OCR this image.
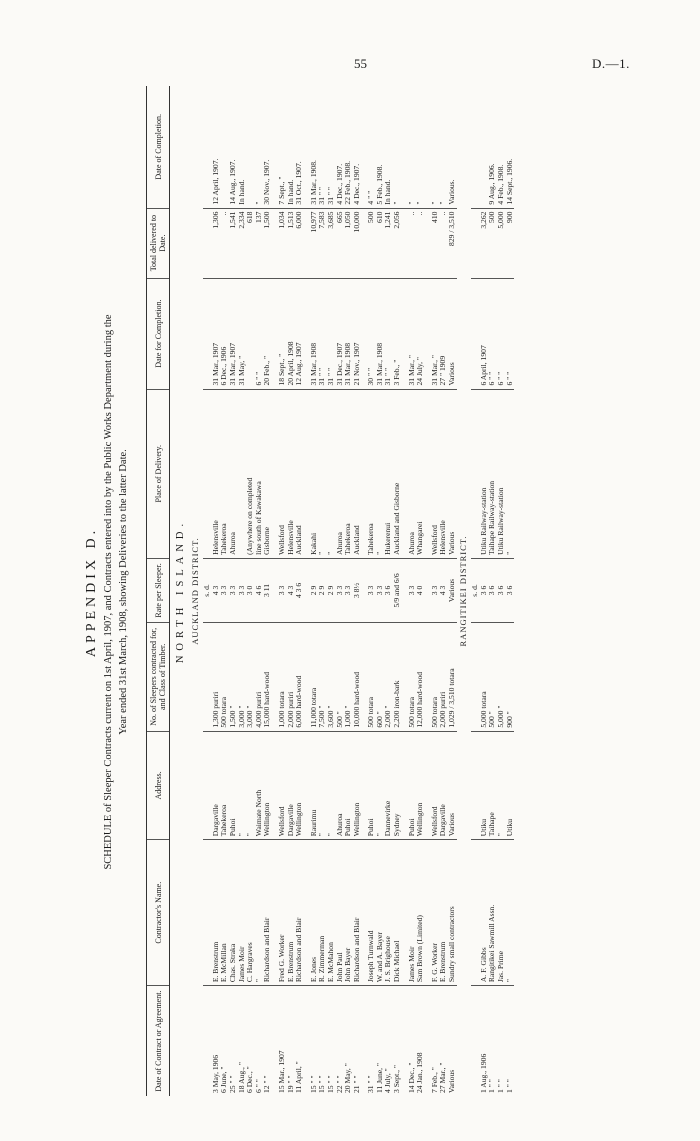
55	D.—1.
APPENDIX D. SCHEDULE of Sleeper Contracts current on 1st April, 1907, and Contracts entered into by the Public Works Department during the Year ended 31st March, 1908, showing Deliveries to the latter Date.
Date of Contract or Agreement.	Contractor's Name.	Address.	No. of Sleepers contracted for, and Class of Timber.	Rate per Sleeper.	Place of Delivery.	Date for Completion.	Total delivered to Date.	Date of Completion.
NORTH ISLAND.								
AUCKLAND DISTRICT.								
				s. d.				
3 May, 1906	E. Brenstrum	Dargaville	1,300 puriri	4 3	Helensville	31 Mar., 1907	1,306	12 April, 1907.
6 June, "	E. McMillan	Tahekeroa	500 totara	3 3	Tahekeroa	6 Dec., 1906	..	
25 " "	Chas. Straka	Puhoi	1,500 "	3 3	Ahuroa	31 Mar., 1907	1,541	14 Aug., 1907.
18 Aug., "	James Moir	"	3,000 "	3 3		31 May, "	2,334	In hand.
6 Dec., "	C. Hargraves	"	3,000 "	3 0	(Anywhere on completed		618	
6 " "	"	Waimate North	4,000 puriri	4 6	line south of Kawakawa	6 " "	137	"
12 " "	Richardson and Blair	Wellington	15,000 hard-wood	3 11	Gisborne	20 Feb., "	1,500	30 Nov., 1907.

15 Mar., 1907	Fred G. Worker	Wellsford	1,000 totara	3 3	Wellsford	18 Sept., "	1,034	7 Sept., "
19 " "	E. Brenstrum	Dargaville	2,000 puriri	4 3	Helensville	20 April, 1908	1,513	In hand.
11 April, "	Richardson and Blair	Wellington	6,000 hard-wood	4 3 6	Auckland	12 Aug., 1907	6,000	31 Oct., 1907.

15 " "	E. Jones	Raurimu	11,000 totara	2 9	Kakahi	31 Mar., 1908	10,977	31 Mar., 1908.
15 " "	R. Zimmerman	"	7,500 "	2 9	"	31 " "	7,583	31 " "
15 " "	E. McMahon	"	3,600 "	2 9	"	31 " "	3,685	31 " "
22 " "	John Paul	Ahuroa	500 "	3 3	Ahuroa	31 Dec., 1907	665	4 Dec., 1907.
20 May, "	John Bayer	Puhoi	1,000 "	3 3	Tahekeroa	31 Mar., 1908	1,050	22 Feb., 1908.
21 " "	Richardson and Blair	Wellington	10,000 hard-wood	3 8½	Auckland	21 Nov., 1907	10,000	4 Dec., 1907.

31 " "	Joseph Turnwald	Puhoi	500 totara	3 3	Tahekeroa	30 " "	500	4 " "
11 June, "	W. and A. Bayer	"	600 "	3 3	"	31 Mar., 1908	610	5 Feb., 1908.
4 July, "	J. S. Brighouse	Dannevirke	2,000 "	3 6	Hukerenui	31 " "	1,241	In hand.
3 Sept., "	Dick Michael	Sydney	2,200 iron-bark	5/9 and 6/6	Auckland and Gisborne	3 Feb., "	2,056	"

14 Dec., "	James Moir	Puhoi	500 totara	3 3	Ahuroa	31 Mar., "	..	"
24 Jan., 1908	Sam Brown (Limited)	Wellington	12,000 hard-wood	4 0	Whangarei	24 July, "	..	"

7 Feb., "	F. G. Worker	Wellsford	500 totara	3 3	Wellsford	31 Mar., "	410	"
27 Mar., "	E. Brenstrum	Dargaville	2,000 puriri	4 3	Helensville	27 " 1909	..	"
Various	Sundry small contractors	Various	1,029 / 3,510 totara	Various	Various	Various	829 / 3,510	Various.
RANGITIKEI DISTRICT.								
				s. d.				
1 Aug., 1906	A. F. Gibbs	Utiku	5,000 totara	3 6	Utiku Railway-station	6 April, 1907	3,262	
1 " "	Rangitikei Sawmill Assn.	Taihape	500 "	3 6	Taihape Railway-station	6 " "	500	9 Aug., 1906.
1 " "	Jas. Prime	"	5,000 "	3 6	Utiku Railway-station	6 " "	5,000	4 Feb., 1908.
1 " "	"	Utiku	900 "	3 6	"	6 " "	900	14 Sept., 1906.
